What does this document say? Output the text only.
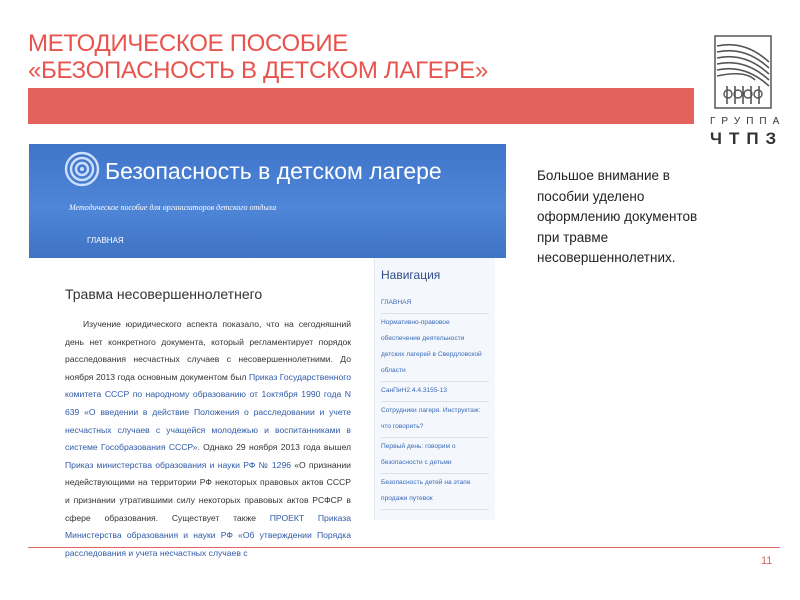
МЕТОДИЧЕСКОЕ ПОСОБИЕ
«БЕЗОПАСНОСТЬ В ДЕТСКОМ ЛАГЕРЕ»
ГРУППА
ЧТПЗ
Безопасность в детском лагере
Методическое пособие для организаторов детского отдыха
ГЛАВНАЯ
Травма несовершеннолетнего
Изучение юридического аспекта показало, что на сегодняшний день нет конкретного документа, который регламентирует порядок расследования несчастных случаев с несовершеннолетними. До ноября 2013 года основным документом был Приказ Государственного комитета СССР по народному образованию от 1октября 1990 года N 639 «О введении в действие Положения о расследовании и учете несчастных случаев с учащейся молодежью и воспитанниками в системе Гособразования СССР». Однако 29 ноября 2013 года вышел Приказ министерства образования и науки РФ № 1296 «О признании недействующими на территории РФ некоторых правовых актов СССР и признании утратившими силу некоторых правовых актов РСФСР в сфере образования. Существует также ПРОЕКТ Приказа Министерства образования и науки РФ «Об утверждении Порядка расследования и учета несчастных случаев с
Навигация
ГЛАВНАЯ
Нормативно-правовое обеспечение деятельности детских лагерей в Свердловской области
СанПиН2.4.4.3155-13
Сотрудники лагеря. Инструктаж: что говорить?
Первый день: говорим о безопасности с детьми
Безопасность детей на этапе продажи путевок
Большое внимание в пособии уделено оформлению документов при травме несовершеннолетних.
11
